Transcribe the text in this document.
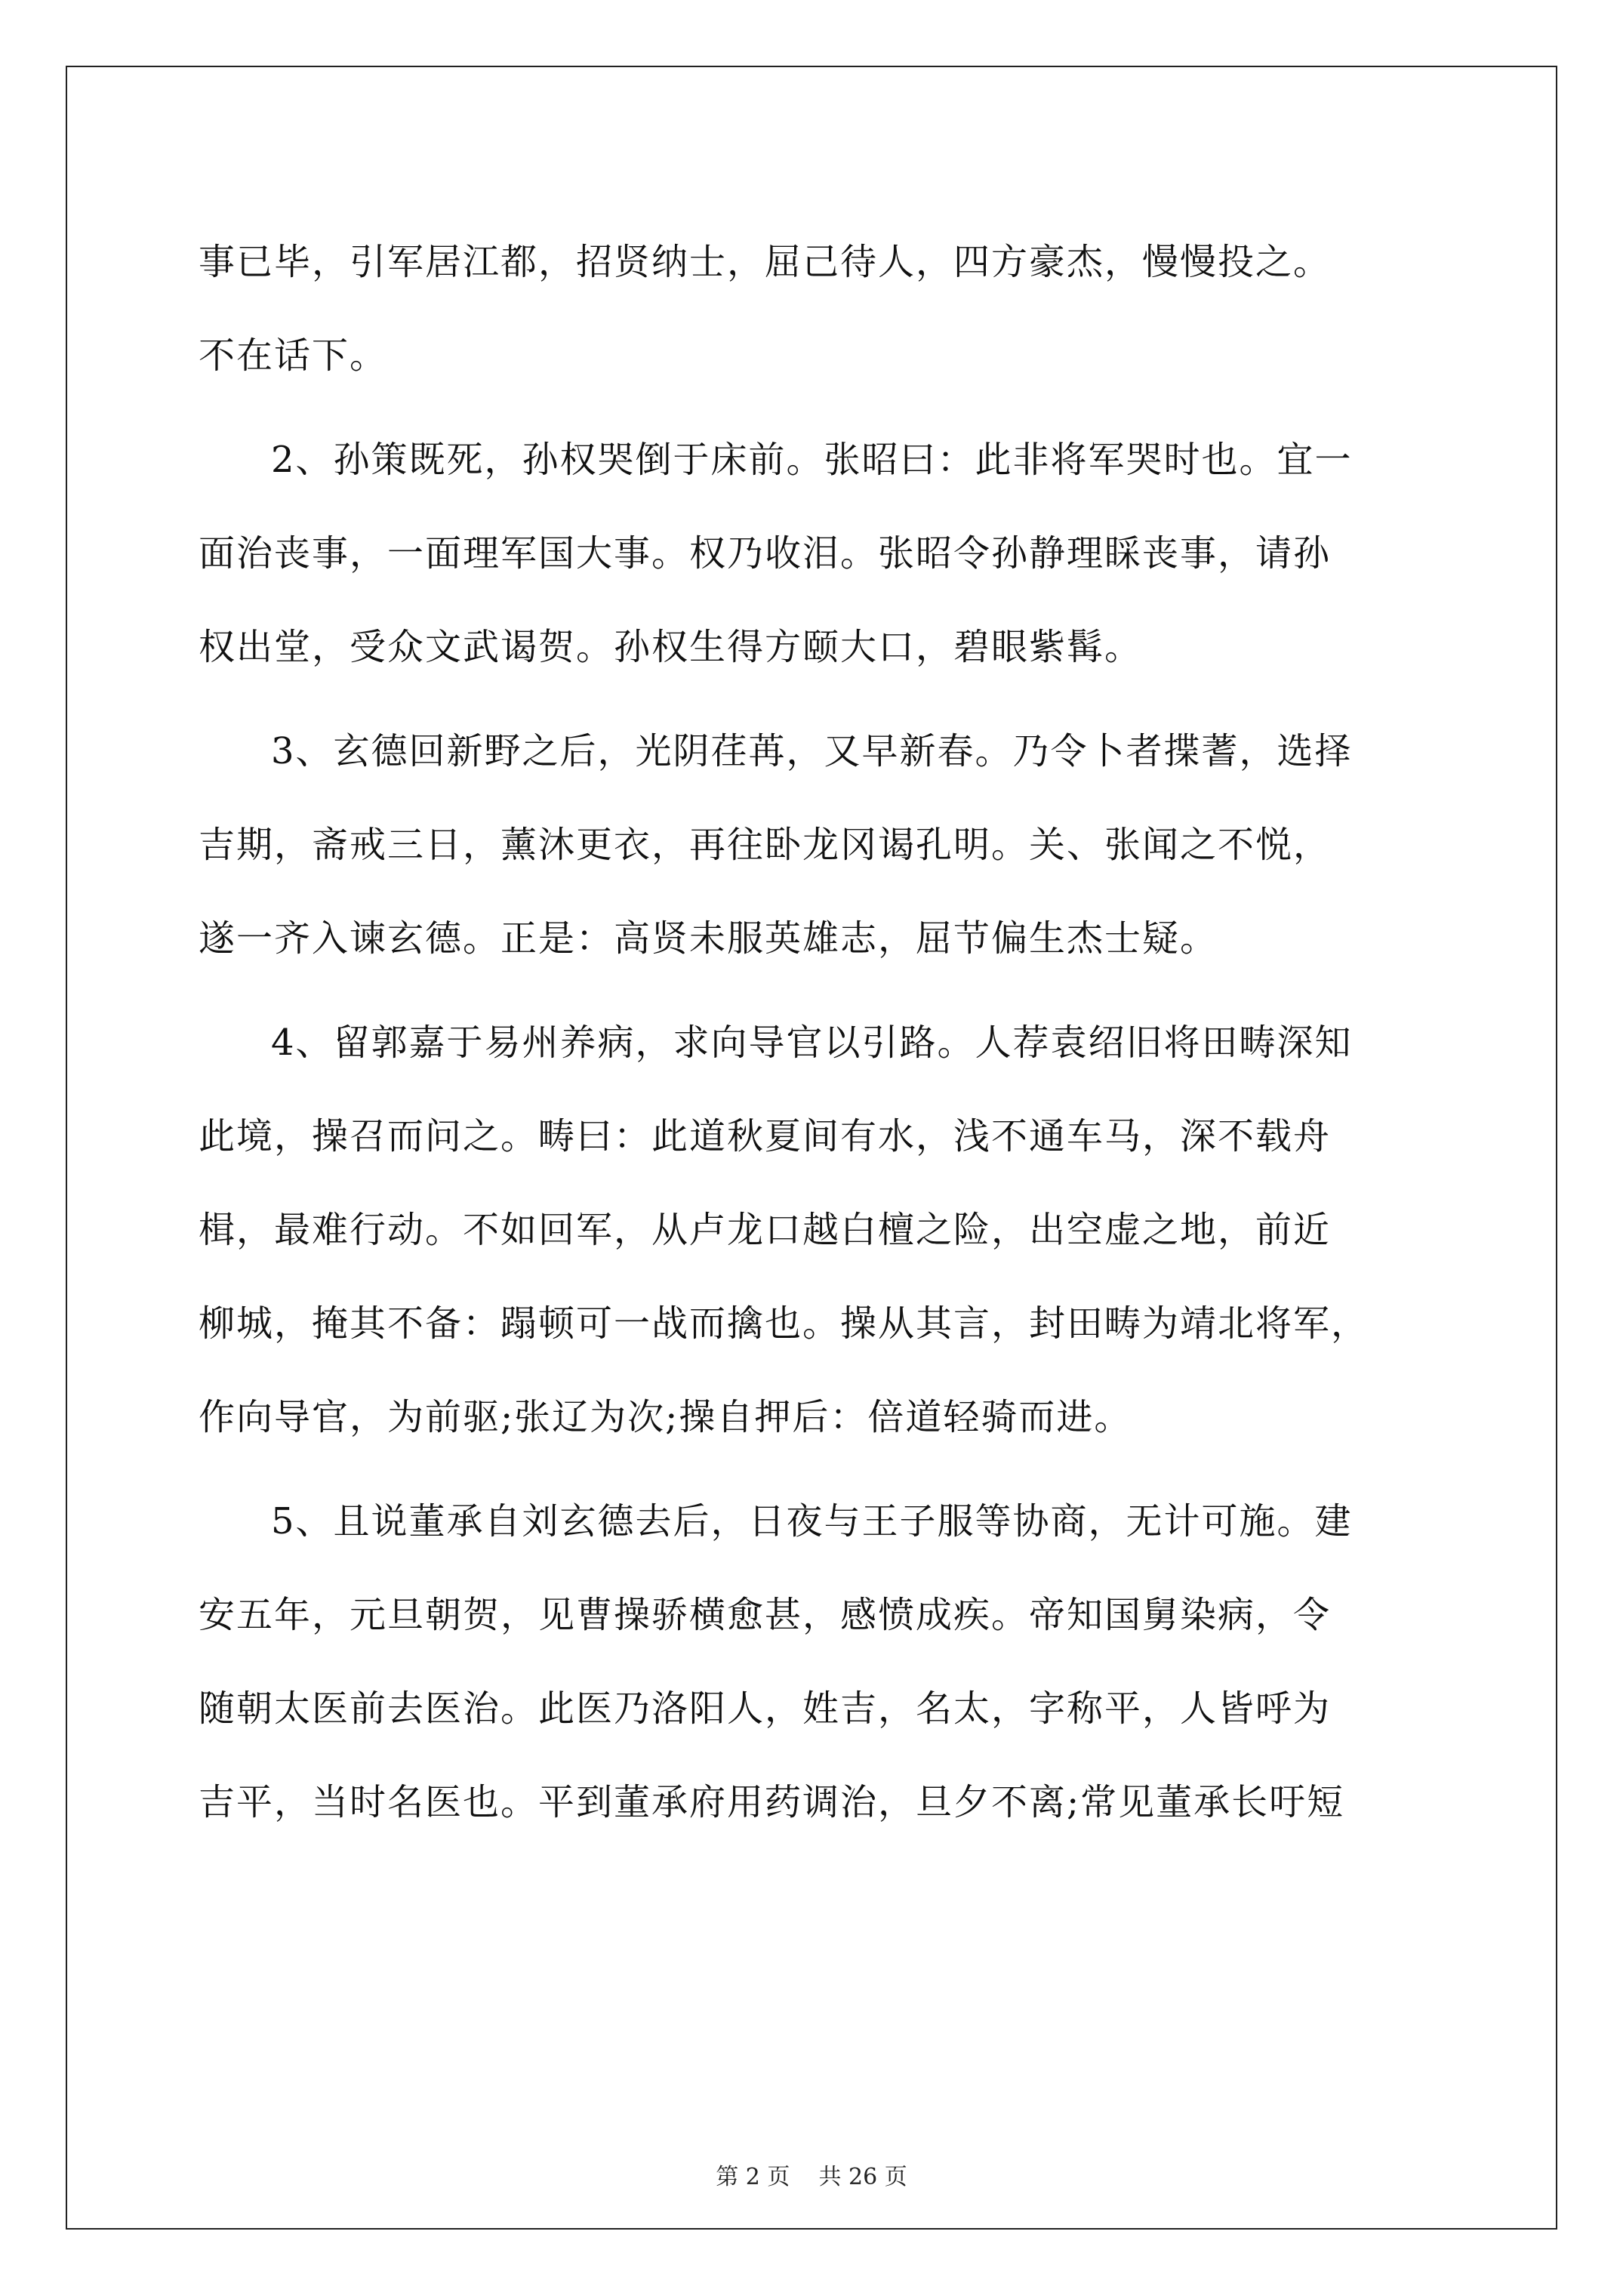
事已毕，引军居江都，招贤纳士，屈己待人，四方豪杰，慢慢投之。
不在话下。
2、孙策既死，孙权哭倒于床前。张昭曰：此非将军哭时也。宜一
面治丧事，一面理军国大事。权乃收泪。张昭令孙静理睬丧事，请孙
权出堂，受众文武谒贺。孙权生得方颐大口，碧眼紫髯。
3、玄德回新野之后，光阴荏苒，又早新春。乃令卜者揲蓍，选择
吉期，斋戒三日，薰沐更衣，再往卧龙冈谒孔明。关、张闻之不悦，
遂一齐入谏玄德。正是：高贤未服英雄志，屈节偏生杰士疑。
4、留郭嘉于易州养病，求向导官以引路。人荐袁绍旧将田畴深知
此境，操召而问之。畴曰：此道秋夏间有水，浅不通车马，深不载舟
楫，最难行动。不如回军，从卢龙口越白檀之险，出空虚之地，前近
柳城，掩其不备：蹋顿可一战而擒也。操从其言，封田畴为靖北将军，
作向导官，为前驱;张辽为次;操自押后：倍道轻骑而进。
5、且说董承自刘玄德去后，日夜与王子服等协商，无计可施。建
安五年，元旦朝贺，见曹操骄横愈甚，感愤成疾。帝知国舅染病，令
随朝太医前去医治。此医乃洛阳人，姓吉，名太，字称平，人皆呼为
吉平，当时名医也。平到董承府用药调治，旦夕不离;常见董承长吁短
第 2 页    共 26 页
